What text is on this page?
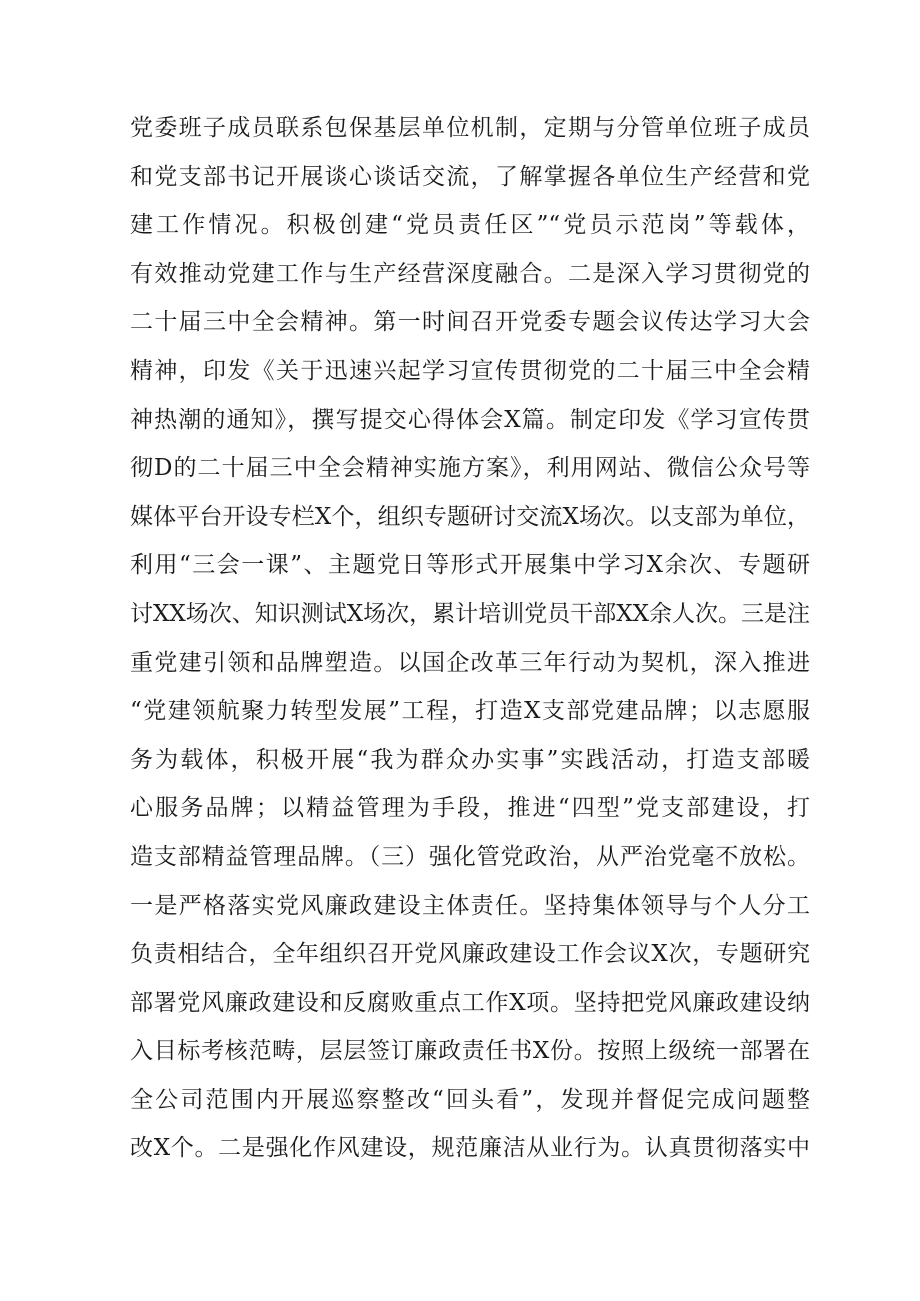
党委班子成员联系包保基层单位机制，定期与分管单位班子成员
和党支部书记开展谈心谈话交流，了解掌握各单位生产经营和党
建工作情况。积极创建“党员责任区”“党员示范岗”等载体，
有效推动党建工作与生产经营深度融合。二是深入学习贯彻党的
二十届三中全会精神。第一时间召开党委专题会议传达学习大会
精神，印发《关于迅速兴起学习宣传贯彻党的二十届三中全会精
神热潮的通知》，撰写提交心得体会X篇。制定印发《学习宣传贯
彻D的二十届三中全会精神实施方案》，利用网站、微信公众号等
媒体平台开设专栏X个，组织专题研讨交流X场次。以支部为单位，
利用“三会一课”、主题党日等形式开展集中学习X余次、专题研
讨XX场次、知识测试X场次，累计培训党员干部XX余人次。三是注
重党建引领和品牌塑造。以国企改革三年行动为契机，深入推进
“党建领航聚力转型发展”工程，打造X支部党建品牌；以志愿服
务为载体，积极开展“我为群众办实事”实践活动，打造支部暖
心服务品牌；以精益管理为手段，推进“四型”党支部建设，打
造支部精益管理品牌。（三）强化管党政治，从严治党毫不放松。
一是严格落实党风廉政建设主体责任。坚持集体领导与个人分工
负责相结合，全年组织召开党风廉政建设工作会议X次，专题研究
部署党风廉政建设和反腐败重点工作X项。坚持把党风廉政建设纳
入目标考核范畴，层层签订廉政责任书X份。按照上级统一部署在
全公司范围内开展巡察整改“回头看”，发现并督促完成问题整
改X个。二是强化作风建设，规范廉洁从业行为。认真贯彻落实中
